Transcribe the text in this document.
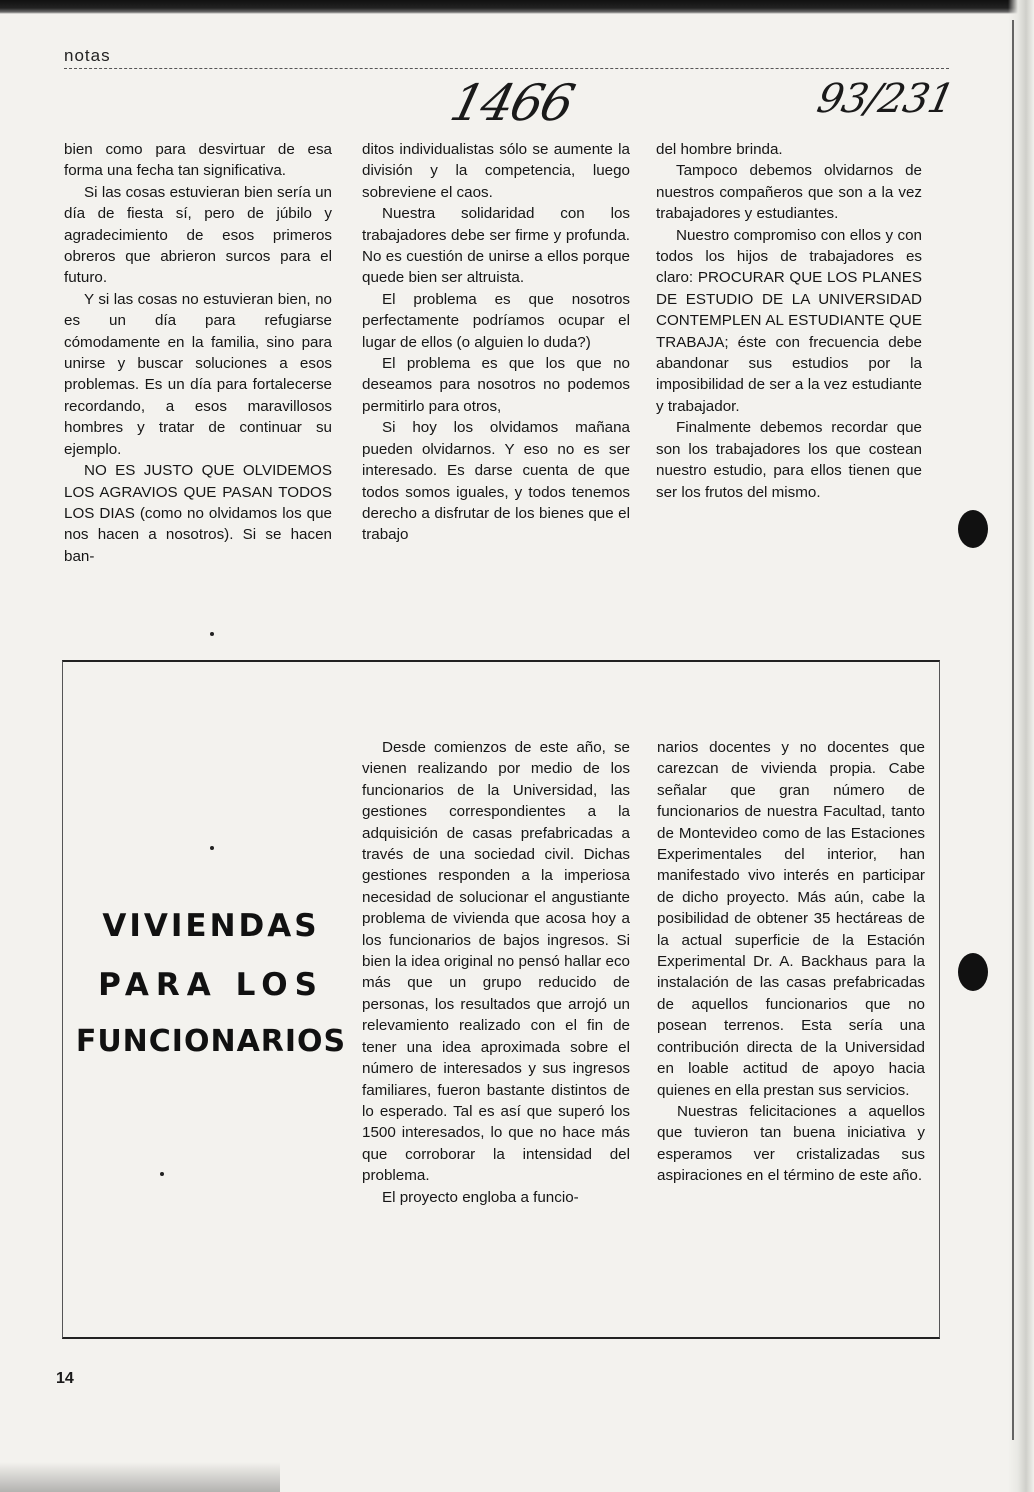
notas
1466	93/231

bien como para desvirtuar de esa forma una fecha tan significativa.

Si las cosas estuvieran bien sería un día de fiesta sí, pero de júbilo y agradecimiento de esos primeros obreros que abrieron surcos para el futuro.

Y si las cosas no estuvieran bien, no es un día para refugiarse cómodamente en la familia, sino para unirse y buscar soluciones a esos problemas. Es un día para fortalecerse recordando, a esos maravillosos hombres y tratar de continuar su ejemplo.

NO ES JUSTO QUE OLVIDEMOS LOS AGRAVIOS QUE PASAN TODOS LOS DIAS (como no olvidamos los que nos hacen a nosotros). Si se hacen ban-

ditos individualistas sólo se aumente la división y la competencia, luego sobreviene el caos.

Nuestra solidaridad con los trabajadores debe ser firme y profunda. No es cuestión de unirse a ellos porque quede bien ser altruista.

El problema es que nosotros perfectamente podríamos ocupar el lugar de ellos (o alguien lo duda?)

El problema es que los que no deseamos para nosotros no podemos permitirlo para otros,

Si hoy los olvidamos mañana pueden olvidarnos. Y eso no es ser interesado. Es darse cuenta de que todos somos iguales, y todos tenemos derecho a disfrutar de los bienes que el trabajo

del hombre brinda.

Tampoco debemos olvidarnos de nuestros compañeros que son a la vez trabajadores y estudiantes.

Nuestro compromiso con ellos y con todos los hijos de trabajadores es claro: PROCURAR QUE LOS PLANES DE ESTUDIO DE LA UNIVERSIDAD CONTEMPLEN AL ESTUDIANTE QUE TRABAJA; éste con frecuencia debe abandonar sus estudios por la imposibilidad de ser a la vez estudiante y trabajador.

Finalmente debemos recordar que son los trabajadores los que costean nuestro estudio, para ellos tienen que ser los frutos del mismo.

VIVIENDAS
PARA LOS
FUNCIONARIOS

Desde comienzos de este año, se vienen realizando por medio de los funcionarios de la Universidad, las gestiones correspondientes a la adquisición de casas prefabricadas a través de una sociedad civil. Dichas gestiones responden a la imperiosa necesidad de solucionar el angustiante problema de vivienda que acosa hoy a los funcionarios de bajos ingresos. Si bien la idea original no pensó hallar eco más que un grupo reducido de personas, los resultados que arrojó un relevamiento realizado con el fin de tener una idea aproximada sobre el número de interesados y sus ingresos familiares, fueron bastante distintos de lo esperado. Tal es así que superó los 1500 interesados, lo que no hace más que corroborar la intensidad del problema.

El proyecto engloba a funcio-

narios docentes y no docentes que carezcan de vivienda propia. Cabe señalar que gran número de funcionarios de nuestra Facultad, tanto de Montevideo como de las Estaciones Experimentales del interior, han manifestado vivo interés en participar de dicho proyecto. Más aún, cabe la posibilidad de obtener 35 hectáreas de la actual superficie de la Estación Experimental Dr. A. Backhaus para la instalación de las casas prefabricadas de aquellos funcionarios que no posean terrenos. Esta sería una contribución directa de la Universidad en loable actitud de apoyo hacia quienes en ella prestan sus servicios.

Nuestras felicitaciones a aquellos que tuvieron tan buena iniciativa y esperamos ver cristalizadas sus aspiraciones en el término de este año.

14
